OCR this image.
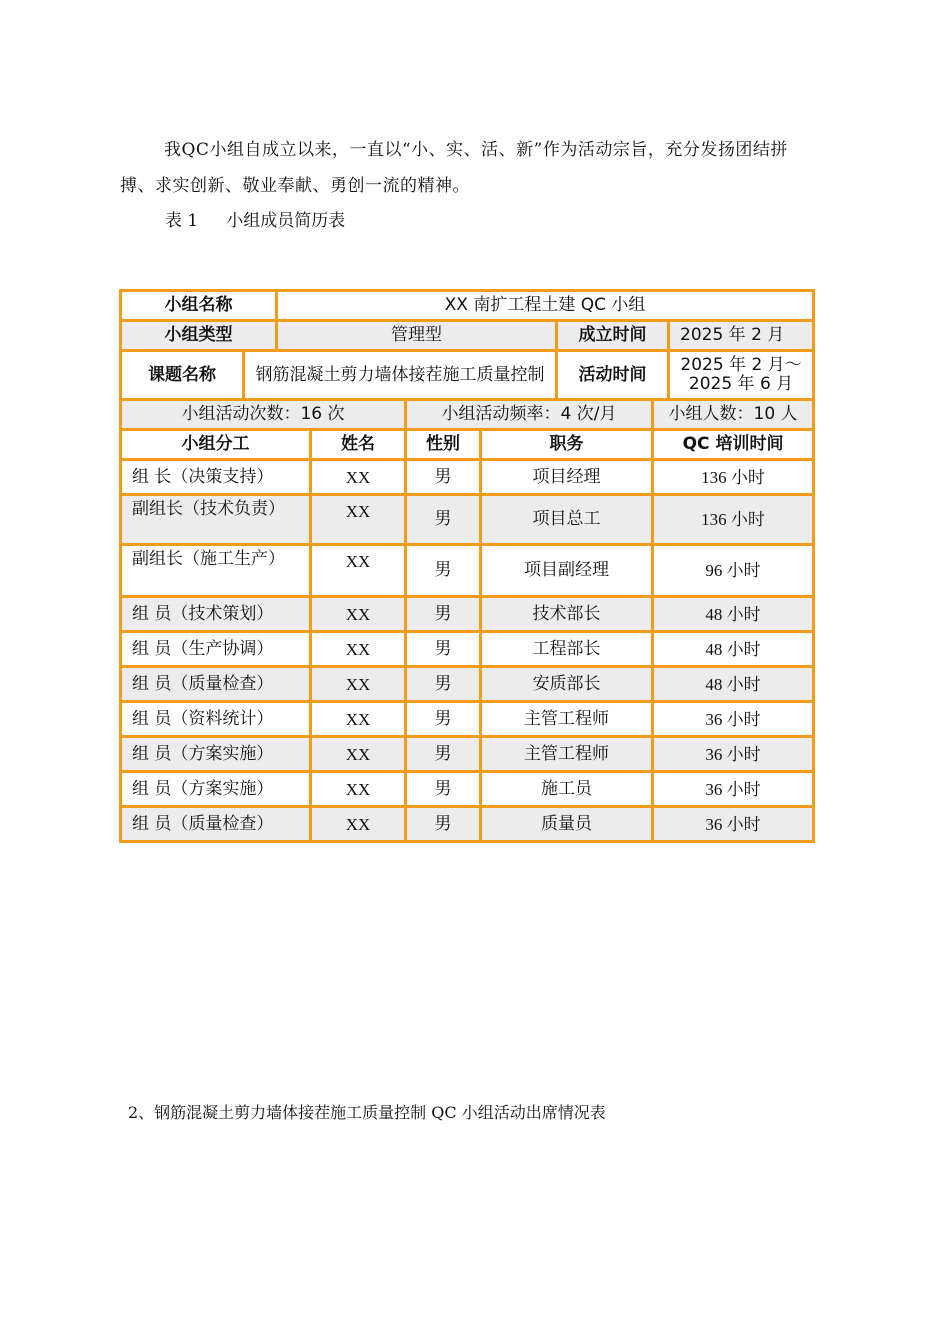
我QC小组自成立以来，一直以“小、实、活、新”作为活动宗旨，充分发扬团结拼搏、求实创新、敬业奉献、勇创一流的精神。

表 1 小组成员简历表
小组名称		XX 南扩工程土建 QC 小组						
小组类型		管理型				成立时间		2025 年 2 月
课题名称	钢筋混凝土剪力墙体接茬施工质量控制					活动时间		2025 年 2 月～
2025 年 6 月

小组活动次数：16 次				小组活动频率：4 次/月			小组人数：10 人	
小组分工			姓名	性别	职务		QC 培训时间	
组 长（决策支持）			XX	男	项目经理		136 小时	
副组长（技术负责）			XX	男	项目总工		136 小时	
副组长（施工生产）			XX	男	项目副经理		96 小时	
组 员（技术策划）			XX	男	技术部长		48 小时	
组 员（生产协调）			XX	男	工程部长		48 小时	
组 员（质量检查）			XX	男	安质部长		48 小时	
组 员（资料统计）			XX	男	主管工程师		36 小时	
组 员（方案实施）			XX	男	主管工程师		36 小时	
组 员（方案实施）			XX	男	施工员		36 小时	
组 员（质量检查）			XX	男	质量员		36 小时	
2、钢筋混凝土剪力墙体接茬施工质量控制 QC 小组活动出席情况表
